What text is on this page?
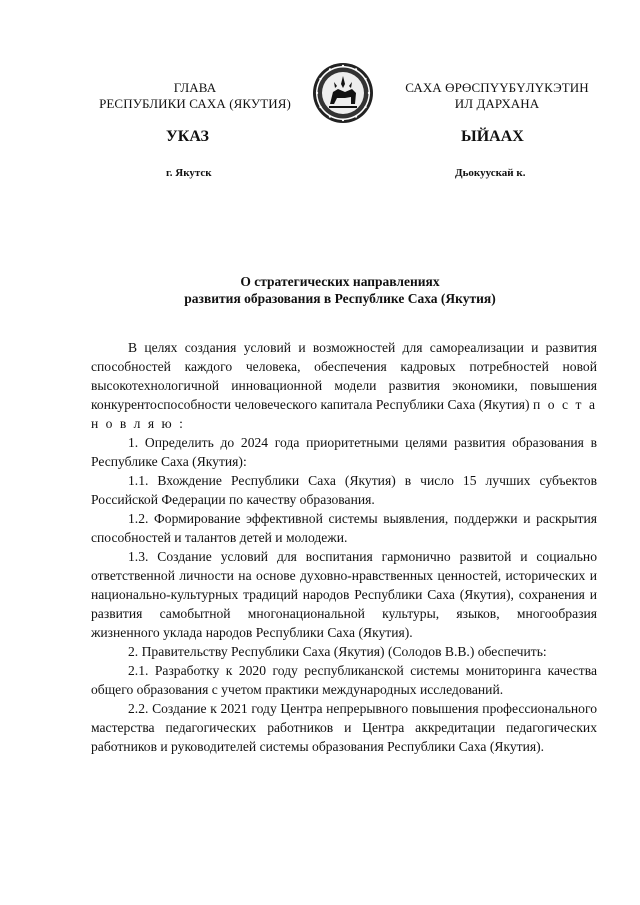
ГЛАВА
РЕСПУБЛИКИ САХА (ЯКУТИЯ)
САХА ӨРӨСПҮҮБҮЛҮКЭТИН
ИЛ ДАРХАНА
УКАЗ	ЫЙААХ
г. Якутск	Дьокуускай к.
О стратегических направлениях
развития образования в Республике Саха (Якутия)

В целях создания условий и возможностей для самореализации и развития способностей каждого человека, обеспечения кадровых потребностей новой высокотехнологичной инновационной модели развития экономики, повышения конкурентоспособности человеческого капитала Республики Саха (Якутия) п о с т а н о в л я ю :

1. Определить до 2024 года приоритетными целями развития образования в Республике Саха (Якутия):

1.1. Вхождение Республики Саха (Якутия) в число 15 лучших субъектов Российской Федерации по качеству образования.

1.2. Формирование эффективной системы выявления, поддержки и раскрытия способностей и талантов детей и молодежи.

1.3. Создание условий для воспитания гармонично развитой и социально ответственной личности на основе духовно-нравственных ценностей, исторических и национально-культурных традиций народов Республики Саха (Якутия), сохранения и развития самобытной многонациональной культуры, языков, многообразия жизненного уклада народов Республики Саха (Якутия).

2. Правительству Республики Саха (Якутия) (Солодов В.В.) обеспечить:

2.1. Разработку к 2020 году республиканской системы мониторинга качества общего образования с учетом практики международных исследований.

2.2. Создание к 2021 году Центра непрерывного повышения профессионального мастерства педагогических работников и Центра аккредитации педагогических работников и руководителей системы образования Республики Саха (Якутия).
